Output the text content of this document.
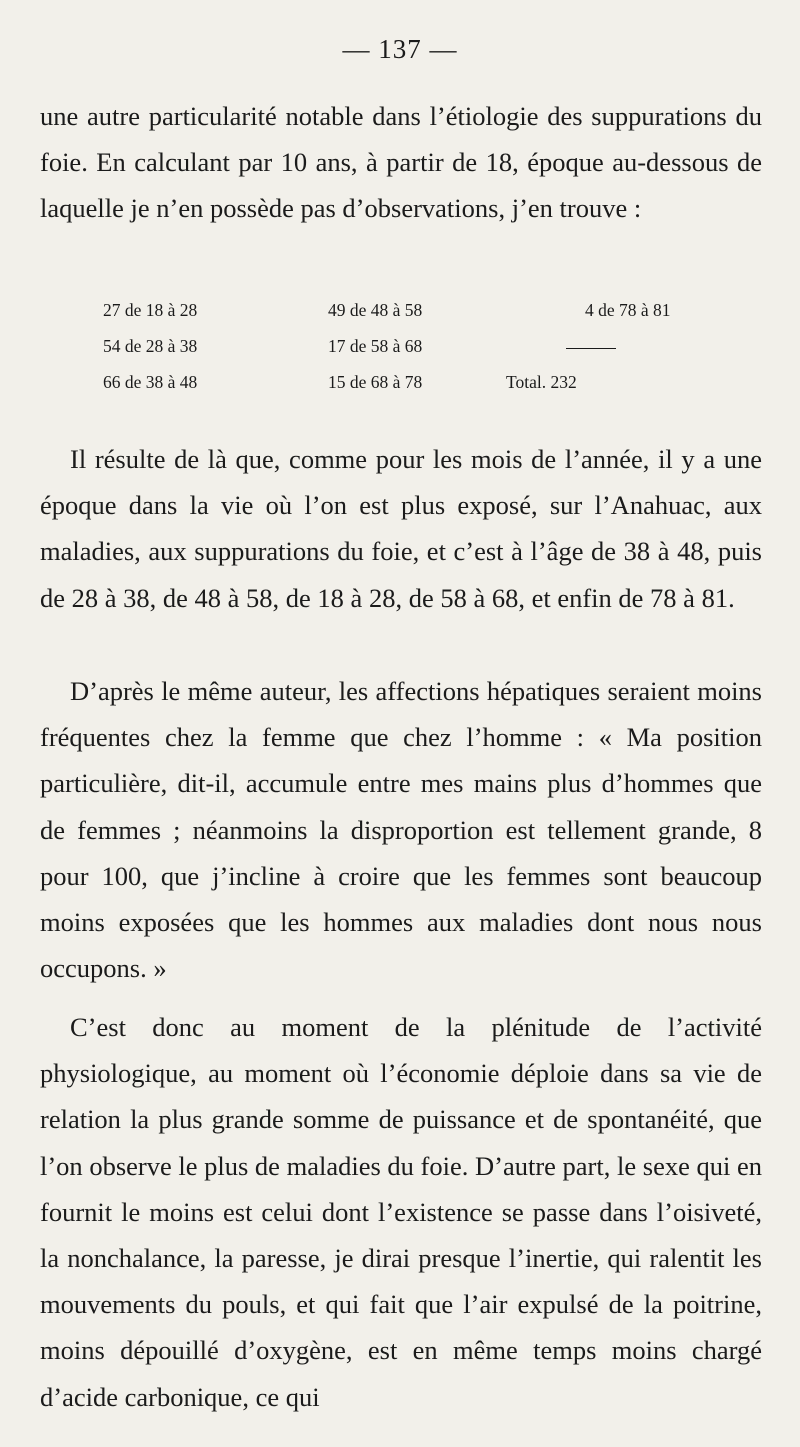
— 137 —

une autre particularité notable dans l’étiologie des suppurations du foie. En calculant par 10 ans, à partir de 18, époque au-dessous de laquelle je n’en possède pas d’observations, j’en trouve :

27 de 18 à 28
54 de 28 à 38
66 de 38 à 48
49 de 48 à 58
17 de 58 à 68
15 de 68 à 78
4 de 78 à 81
Total. 232

Il résulte de là que, comme pour les mois de l’année, il y a une époque dans la vie où l’on est plus exposé, sur l’Anahuac, aux maladies, aux suppurations du foie, et c’est à l’âge de 38 à 48, puis de 28 à 38, de 48 à 58, de 18 à 28, de 58 à 68, et enfin de 78 à 81.

D’après le même auteur, les affections hépatiques seraient moins fréquentes chez la femme que chez l’homme : « Ma position particulière, dit-il, accumule entre mes mains plus d’hommes que de femmes ; néanmoins la disproportion est tellement grande, 8 pour 100, que j’incline à croire que les femmes sont beaucoup moins exposées que les hommes aux maladies dont nous nous occupons. »

C’est donc au moment de la plénitude de l’activité physiologique, au moment où l’économie déploie dans sa vie de relation la plus grande somme de puissance et de spontanéité, que l’on observe le plus de maladies du foie. D’autre part, le sexe qui en fournit le moins est celui dont l’existence se passe dans l’oisiveté, la nonchalance, la paresse, je dirai presque l’inertie, qui ralentit les mouvements du pouls, et qui fait que l’air expulsé de la poitrine, moins dépouillé d’oxygène, est en même temps moins chargé d’acide carbonique, ce qui
